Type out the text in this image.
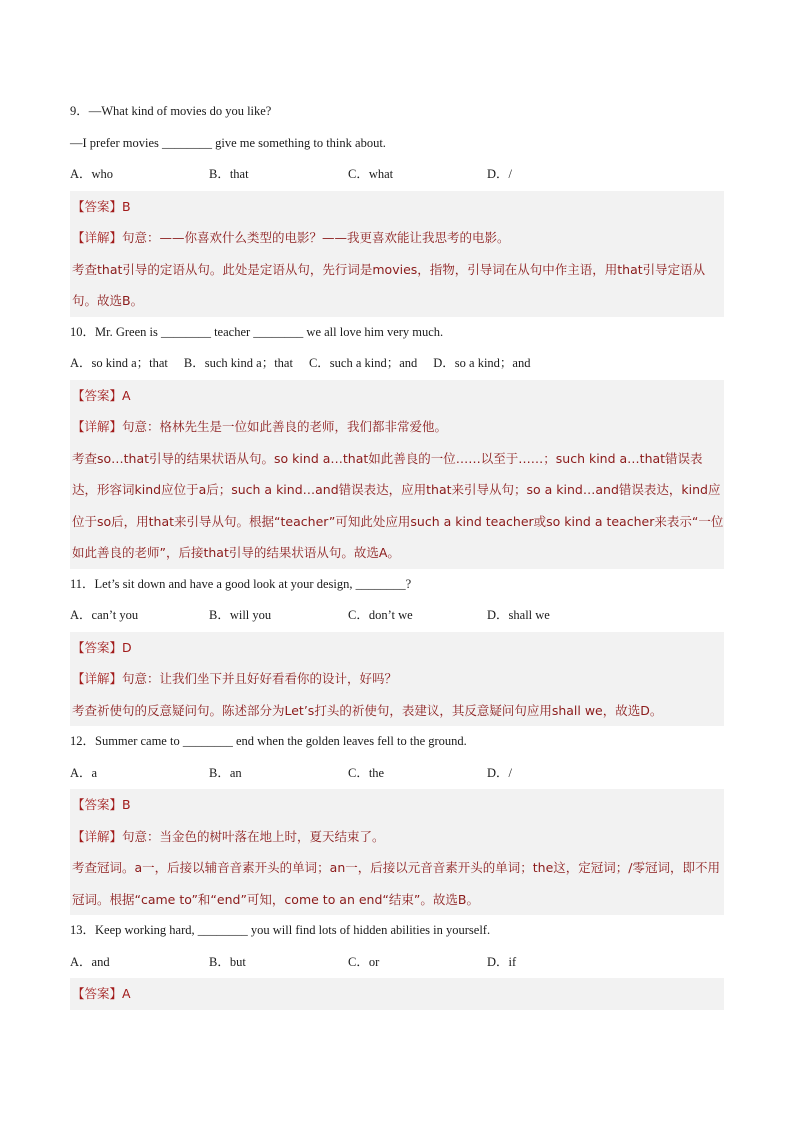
9．—What kind of movies do you like?
—I prefer movies ________ give me something to think about.
A．who	B．that	C．what	D．/
【答案】B
【详解】句意：——你喜欢什么类型的电影？——我更喜欢能让我思考的电影。
考查that引导的定语从句。此处是定语从句，先行词是movies，指物，引导词在从句中作主语，用that引导定语从句。故选B。
10．Mr. Green is ________ teacher ________ we all love him very much.
A．so kind a；that B．such kind a；that C．such a kind；and D．so a kind；and
【答案】A
【详解】句意：格林先生是一位如此善良的老师，我们都非常爱他。
考查so…that引导的结果状语从句。so kind a…that如此善良的一位……以至于……；such kind a…that错误表达，形容词kind应位于a后；such a kind…and错误表达，应用that来引导从句；so a kind…and错误表达，kind应位于so后，用that来引导从句。根据“teacher”可知此处应用such a kind teacher或so kind a teacher来表示“一位如此善良的老师”，后接that引导的结果状语从句。故选A。
11．Let’s sit down and have a good look at your design, ________?
A．can’t you	B．will you	C．don’t we	D．shall we
【答案】D
【详解】句意：让我们坐下并且好好看看你的设计，好吗？
考查祈使句的反意疑问句。陈述部分为Let’s打头的祈使句，表建议，其反意疑问句应用shall we，故选D。
12．Summer came to ________ end when the golden leaves fell to the ground.
A．a	B．an	C．the	D．/
【答案】B
【详解】句意：当金色的树叶落在地上时，夏天结束了。
考查冠词。a一，后接以辅音音素开头的单词；an一，后接以元音音素开头的单词；the这，定冠词；/零冠词，即不用冠词。根据“came to”和“end”可知，come to an end“结束”。故选B。
13．Keep working hard, ________ you will find lots of hidden abilities in yourself.
A．and	B．but	C．or	D．if
【答案】A
